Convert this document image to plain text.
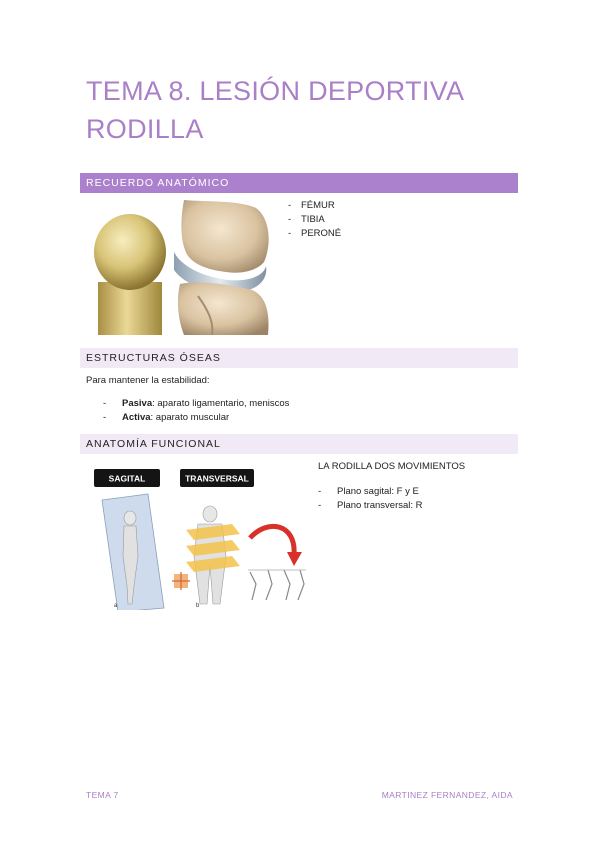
TEMA 8. LESIÓN DEPORTIVA RODILLA
RECUERDO ANATÓMICO
- FÉMUR
- TIBIA
- PERONÉ
ESTRUCTURAS ÓSEAS
Para mantener la estabilidad:
- Pasiva: aparato ligamentario, meniscos
- Activa: aparato muscular
ANATOMÍA FUNCIONAL
SAGITAL	TRANSVERSAL
a	b
LA RODILLA DOS MOVIMIENTOS
- Plano sagital: F y E
- Plano transversal: R
TEMA 7	MARTINEZ FERNANDEZ, AIDA
